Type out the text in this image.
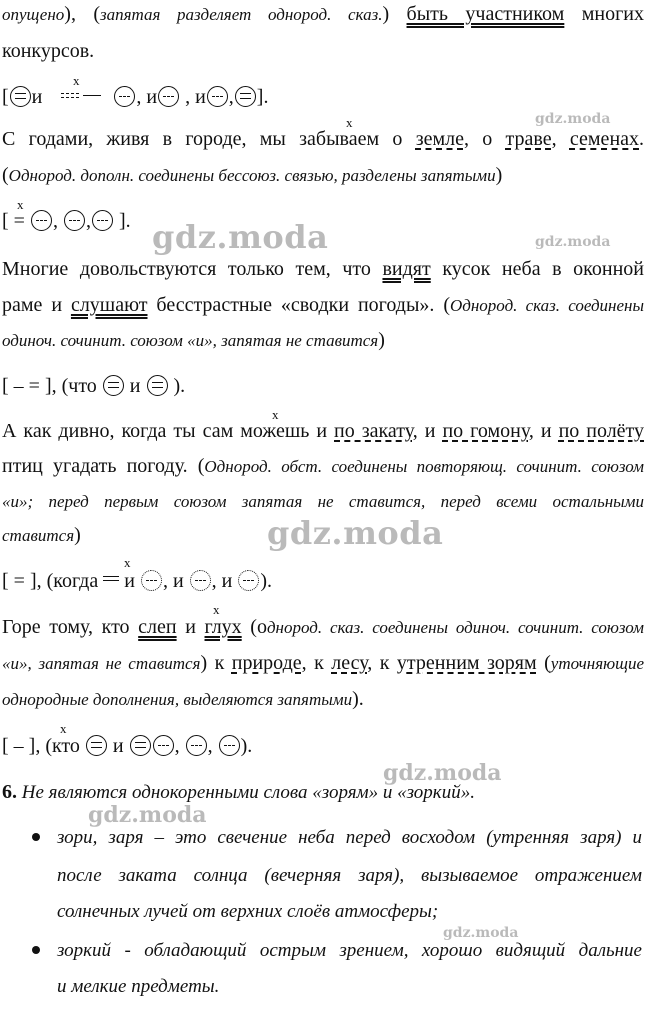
опущено), (запятая разделяет однород. сказ.) быть участником многих
конкурсов.
x
[ и	, и
, и , ].
x
С годами, живя в городе, мы забываем о земле, о траве, семенах.
(Однород. дополн. соединены бессоюз. связью, разделены запятыми)
x
[ =
,
,
].
Многие довольствуются только тем, что видят кусок неба в оконной
раме и слушают бесстрастные «сводки погоды». (Однород. сказ. соединены
одиноч. сочинит. союзом «и», запятая не ставится)
[ – = ], (что
и
).
x
А как дивно, когда ты сам можешь и по закату, и по гомону, и по полёту
птиц угадать погоду. (Однород. обст. соединены повторяющ. сочинит. союзом
«и»; перед первым союзом запятая не ставится, перед всеми остальными
ставится)
x
[ = ], (когда
и
, и
, и
).
x
Горе тому, кто слеп и глух (однород. сказ. соединены одиноч. сочинит. союзом
«и», запятая не ставится) к природе, к лесу, к утренним зорям (уточняющие
однородные дополнения, выделяются запятыми).
x
[ – ], (кто
и
,
,
).
6. Не являются однокоренными слова «зорям» и «зоркий».
зори, заря – это свечение неба перед восходом (утренняя заря) и
после заката солнца (вечерняя заря), вызываемое отражением
солнечных лучей от верхних слоёв атмосферы;
зоркий - обладающий острым зрением, хорошо видящий дальние
и мелкие предметы.
gdz.moda
gdz.moda	gdz.moda
gdz.moda
gdz.moda
gdz.moda
gdz.moda
